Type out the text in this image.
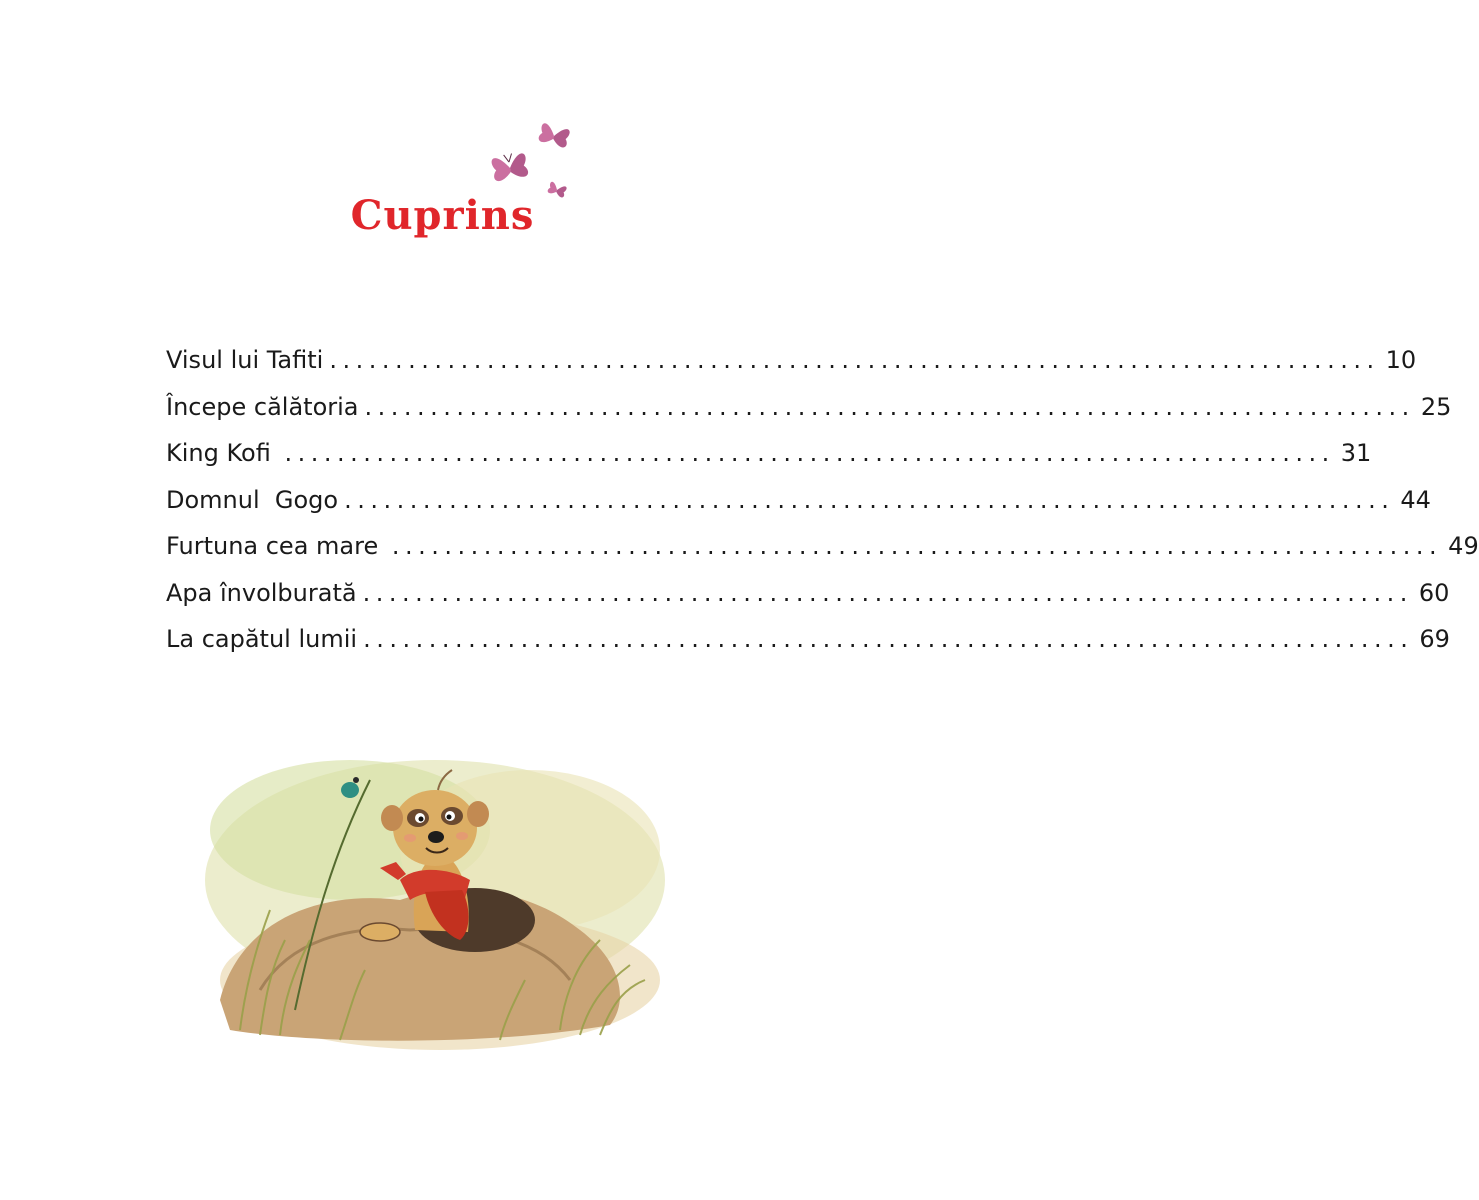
Cuprins
Visul lui Tafiti ................................................................................ 10
Începe călătoria ................................................................................ 25
King Kofi ................................................................................ 31
Domnul  Gogo ................................................................................ 44
Furtuna cea mare ................................................................................ 49
Apa învolburată ................................................................................ 60
La capătul lumii ................................................................................ 69
